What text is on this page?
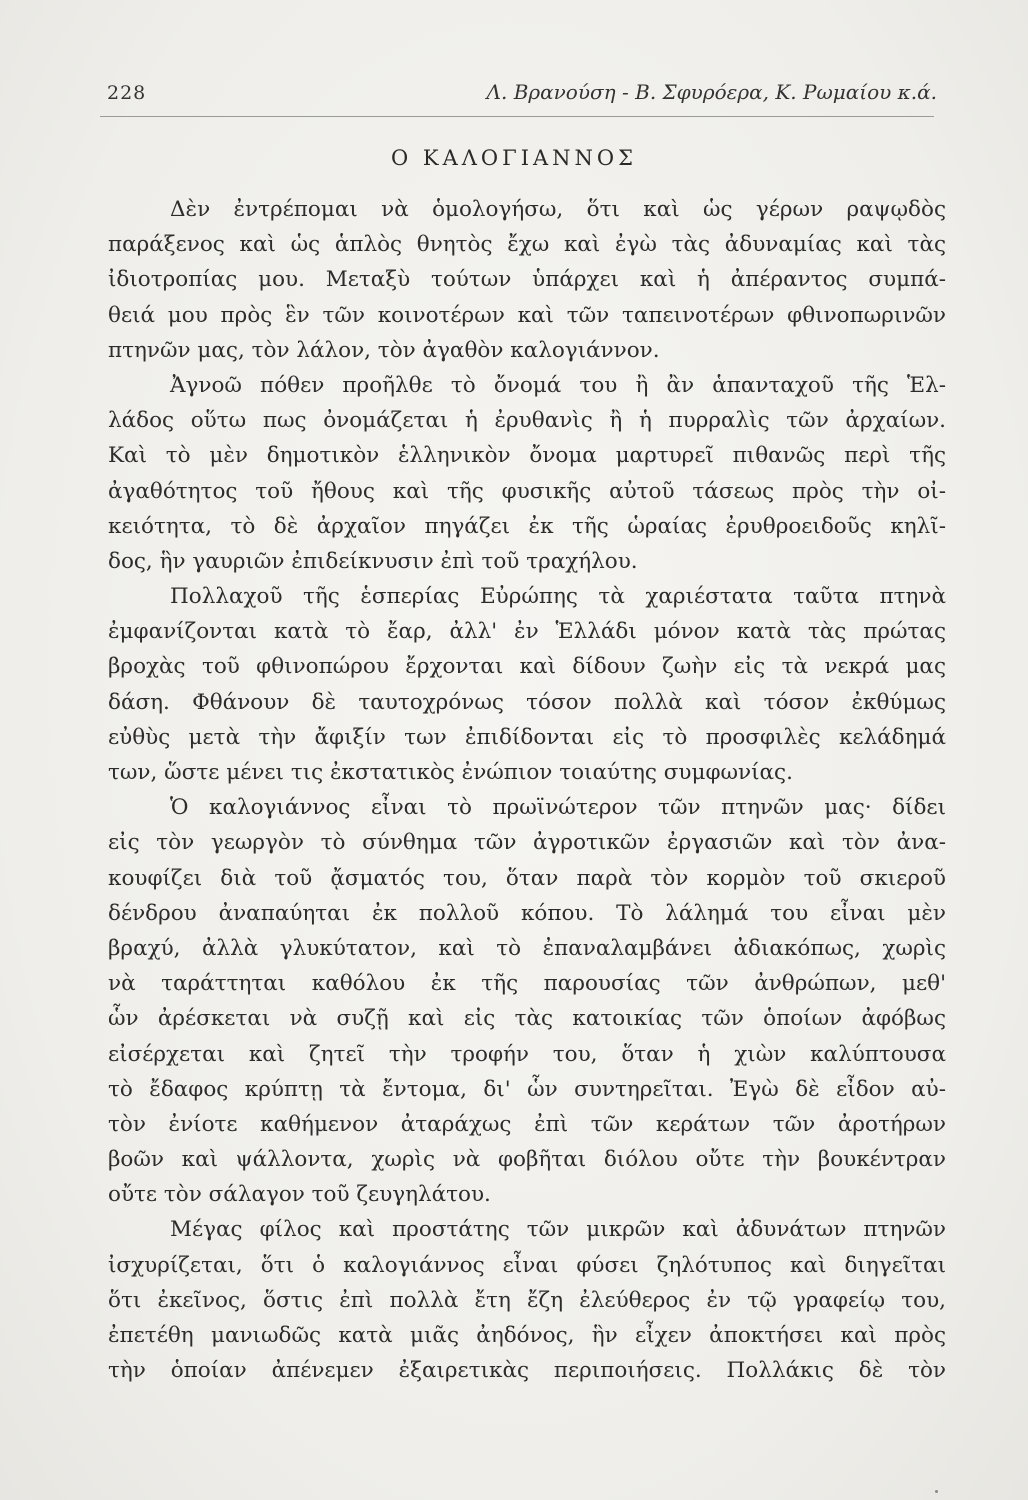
228	Λ. Βρανούση - Β. Σφυρόερα, Κ. Ρωμαίου κ.ά.
Ο ΚΑΛΟΓΙΑΝΝΟΣ
Δὲν ἐντρέπομαι νὰ ὁμολογήσω, ὅτι καὶ ὡς γέρων ραψῳδὸς
παράξενος καὶ ὡς ἁπλὸς θνητὸς ἔχω καὶ ἐγὼ τὰς ἀδυναμίας καὶ τὰς
ἰδιοτροπίας μου. Μεταξὺ τούτων ὑπάρχει καὶ ἡ ἀπέραντος συμπά-
θειά μου πρὸς ἓν τῶν κοινοτέρων καὶ τῶν ταπεινοτέρων φθινοπωρινῶν
πτηνῶν μας, τὸν λάλον, τὸν ἀγαθὸν καλογιάννον.
Ἀγνοῶ πόθεν προῆλθε τὸ ὄνομά του ἢ ἂν ἁπανταχοῦ τῆς Ἑλ-
λάδος οὕτω πως ὀνομάζεται ἡ ἐρυθανὶς ἢ ἡ πυρραλὶς τῶν ἀρχαίων.
Καὶ τὸ μὲν δημοτικὸν ἑλληνικὸν ὄνομα μαρτυρεῖ πιθανῶς περὶ τῆς
ἀγαθότητος τοῦ ἤθους καὶ τῆς φυσικῆς αὐτοῦ τάσεως πρὸς τὴν οἰ-
κειότητα, τὸ δὲ ἀρχαῖον πηγάζει ἐκ τῆς ὡραίας ἐρυθροειδοῦς κηλῖ-
δος, ἣν γαυριῶν ἐπιδείκνυσιν ἐπὶ τοῦ τραχήλου.
Πολλαχοῦ τῆς ἑσπερίας Εὐρώπης τὰ χαριέστατα ταῦτα πτηνὰ
ἐμφανίζονται κατὰ τὸ ἔαρ, ἀλλ' ἐν Ἑλλάδι μόνον κατὰ τὰς πρώτας
βροχὰς τοῦ φθινοπώρου ἔρχονται καὶ δίδουν ζωὴν εἰς τὰ νεκρά μας
δάση. Φθάνουν δὲ ταυτοχρόνως τόσον πολλὰ καὶ τόσον ἐκθύμως
εὐθὺς μετὰ τὴν ἄφιξίν των ἐπιδίδονται εἰς τὸ προσφιλὲς κελάδημά
των, ὥστε μένει τις ἐκστατικὸς ἐνώπιον τοιαύτης συμφωνίας.
Ὁ καλογιάννος εἶναι τὸ πρωϊνώτερον τῶν πτηνῶν μας· δίδει
εἰς τὸν γεωργὸν τὸ σύνθημα τῶν ἀγροτικῶν ἐργασιῶν καὶ τὸν ἀνα-
κουφίζει διὰ τοῦ ᾄσματός του, ὅταν παρὰ τὸν κορμὸν τοῦ σκιεροῦ
δένδρου ἀναπαύηται ἐκ πολλοῦ κόπου. Τὸ λάλημά του εἶναι μὲν
βραχύ, ἀλλὰ γλυκύτατον, καὶ τὸ ἐπαναλαμβάνει ἀδιακόπως, χωρὶς
νὰ ταράττηται καθόλου ἐκ τῆς παρουσίας τῶν ἀνθρώπων, μεθ'
ὧν ἀρέσκεται νὰ συζῇ καὶ εἰς τὰς κατοικίας τῶν ὁποίων ἀφόβως
εἰσέρχεται καὶ ζητεῖ τὴν τροφήν του, ὅταν ἡ χιὼν καλύπτουσα
τὸ ἔδαφος κρύπτῃ τὰ ἔντομα, δι' ὧν συντηρεῖται. Ἐγὼ δὲ εἶδον αὐ-
τὸν ἐνίοτε καθήμενον ἀταράχως ἐπὶ τῶν κεράτων τῶν ἀροτήρων
βοῶν καὶ ψάλλοντα, χωρὶς νὰ φοβῆται διόλου οὔτε τὴν βουκέντραν
οὔτε τὸν σάλαγον τοῦ ζευγηλάτου.
Μέγας φίλος καὶ προστάτης τῶν μικρῶν καὶ ἀδυνάτων πτηνῶν
ἰσχυρίζεται, ὅτι ὁ καλογιάννος εἶναι φύσει ζηλότυπος καὶ διηγεῖται
ὅτι ἐκεῖνος, ὅστις ἐπὶ πολλὰ ἔτη ἔζη ἐλεύθερος ἐν τῷ γραφείῳ του,
ἐπετέθη μανιωδῶς κατὰ μιᾶς ἀηδόνος, ἣν εἶχεν ἀποκτήσει καὶ πρὸς
τὴν ὁποίαν ἀπένεμεν ἐξαιρετικὰς περιποιήσεις. Πολλάκις δὲ τὸν
